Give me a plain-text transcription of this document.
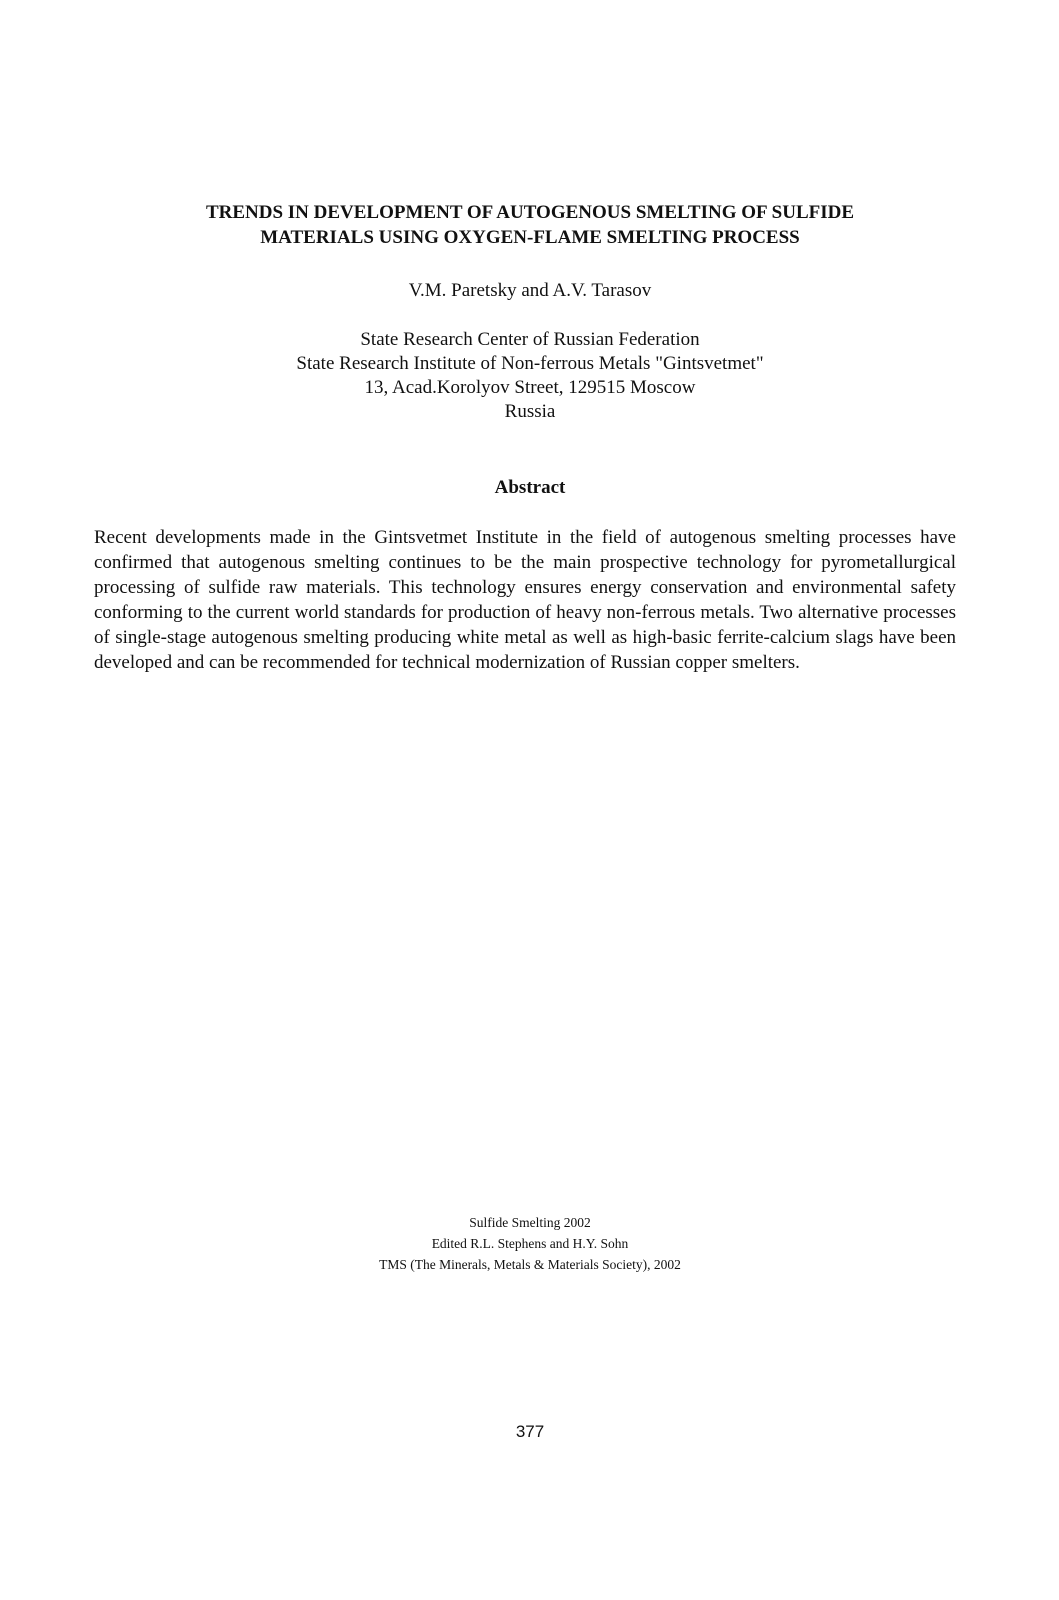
TRENDS IN DEVELOPMENT OF AUTOGENOUS SMELTING OF SULFIDE
MATERIALS USING OXYGEN-FLAME SMELTING PROCESS

V.M. Paretsky and A.V. Tarasov

State Research Center of Russian Federation
State Research Institute of Non-ferrous Metals "Gintsvetmet"
13, Acad.Korolyov Street, 129515 Moscow
Russia
Abstract

Recent developments made in the Gintsvetmet Institute in the field of autogenous smelting processes have confirmed that autogenous smelting continues to be the main prospective technology for pyrometallurgical processing of sulfide raw materials. This technology ensures energy conservation and environmental safety conforming to the current world standards for production of heavy non-ferrous metals. Two alternative processes of single-stage autogenous smelting producing white metal as well as high-basic ferrite-calcium slags have been developed and can be recommended for technical modernization of Russian copper smelters.

Sulfide Smelting 2002
Edited R.L. Stephens and H.Y. Sohn
TMS (The Minerals, Metals & Materials Society), 2002
377
